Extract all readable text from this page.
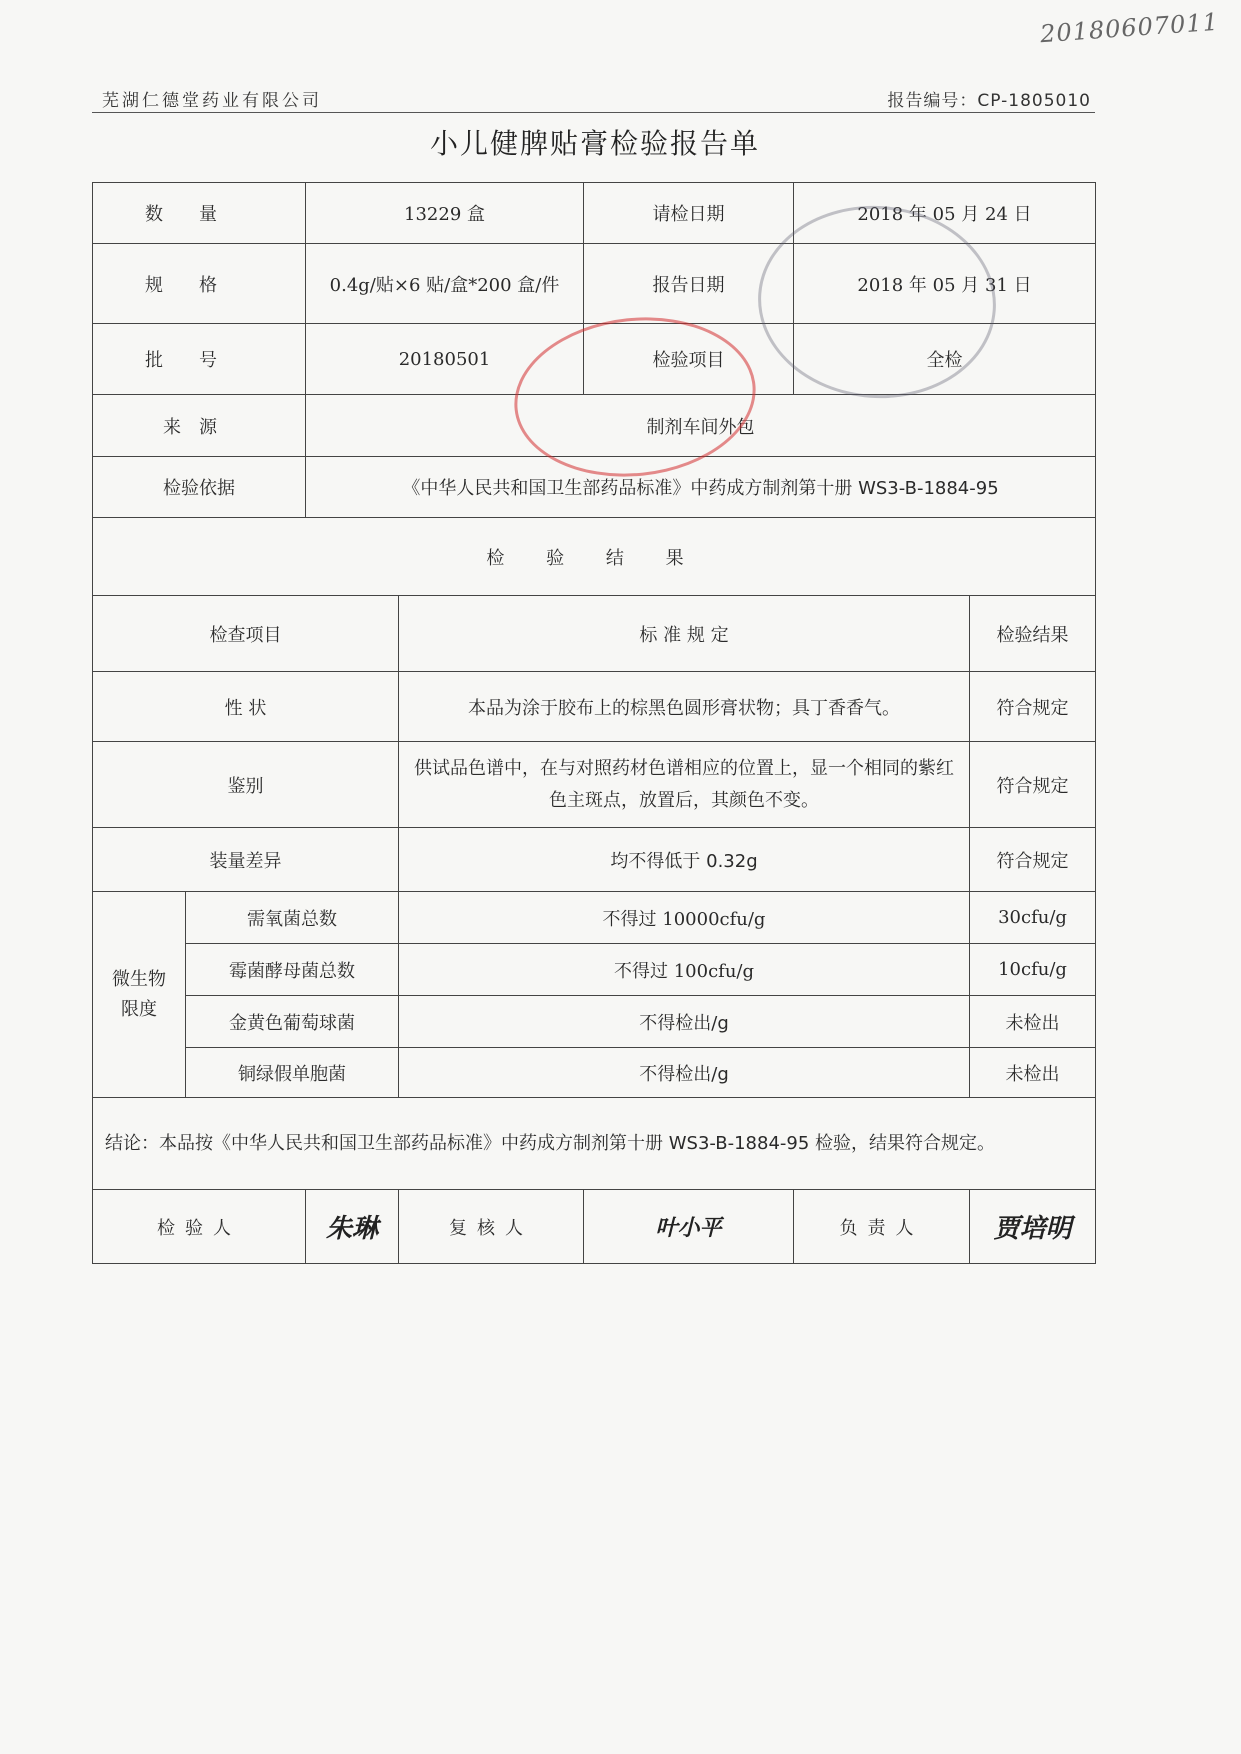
20180607011
芜湖仁德堂药业有限公司	报告编号：CP-1805010
小儿健脾贴膏检验报告单
数量		13229 盒		请检日期	2018 年 05 月 24 日	
规格		0.4g/贴×6 贴/盒*200 盒/件		报告日期	2018 年 05 月 31 日	
批号		20180501		检验项目	全检	
来源		制剂车间外包				
检验依据		《中华人民共和国卫生部药品标准》中药成方制剂第十册 WS3-B-1884-95				
检 验 结 果						
检查项目			标 准 规 定			检验结果
性 状			本品为涂于胶布上的棕黑色圆形膏状物；具丁香香气。			符合规定
鉴别			供试品色谱中，在与对照药材色谱相应的位置上，显一个相同的紫红色主斑点，放置后，其颜色不变。			符合规定
装量差异			均不得低于 0.32g			符合规定
微生物限度	需氧菌总数		不得过 10000cfu/g			30cfu/g
	霉菌酵母菌总数		不得过 100cfu/g			10cfu/g
	金黄色葡萄球菌		不得检出/g			未检出
	铜绿假单胞菌		不得检出/g			未检出
结论：本品按《中华人民共和国卫生部药品标准》中药成方制剂第十册 WS3-B-1884-95 检验，结果符合规定。						
检验人		朱琳	复核人	叶小平	负责人	贾培明
